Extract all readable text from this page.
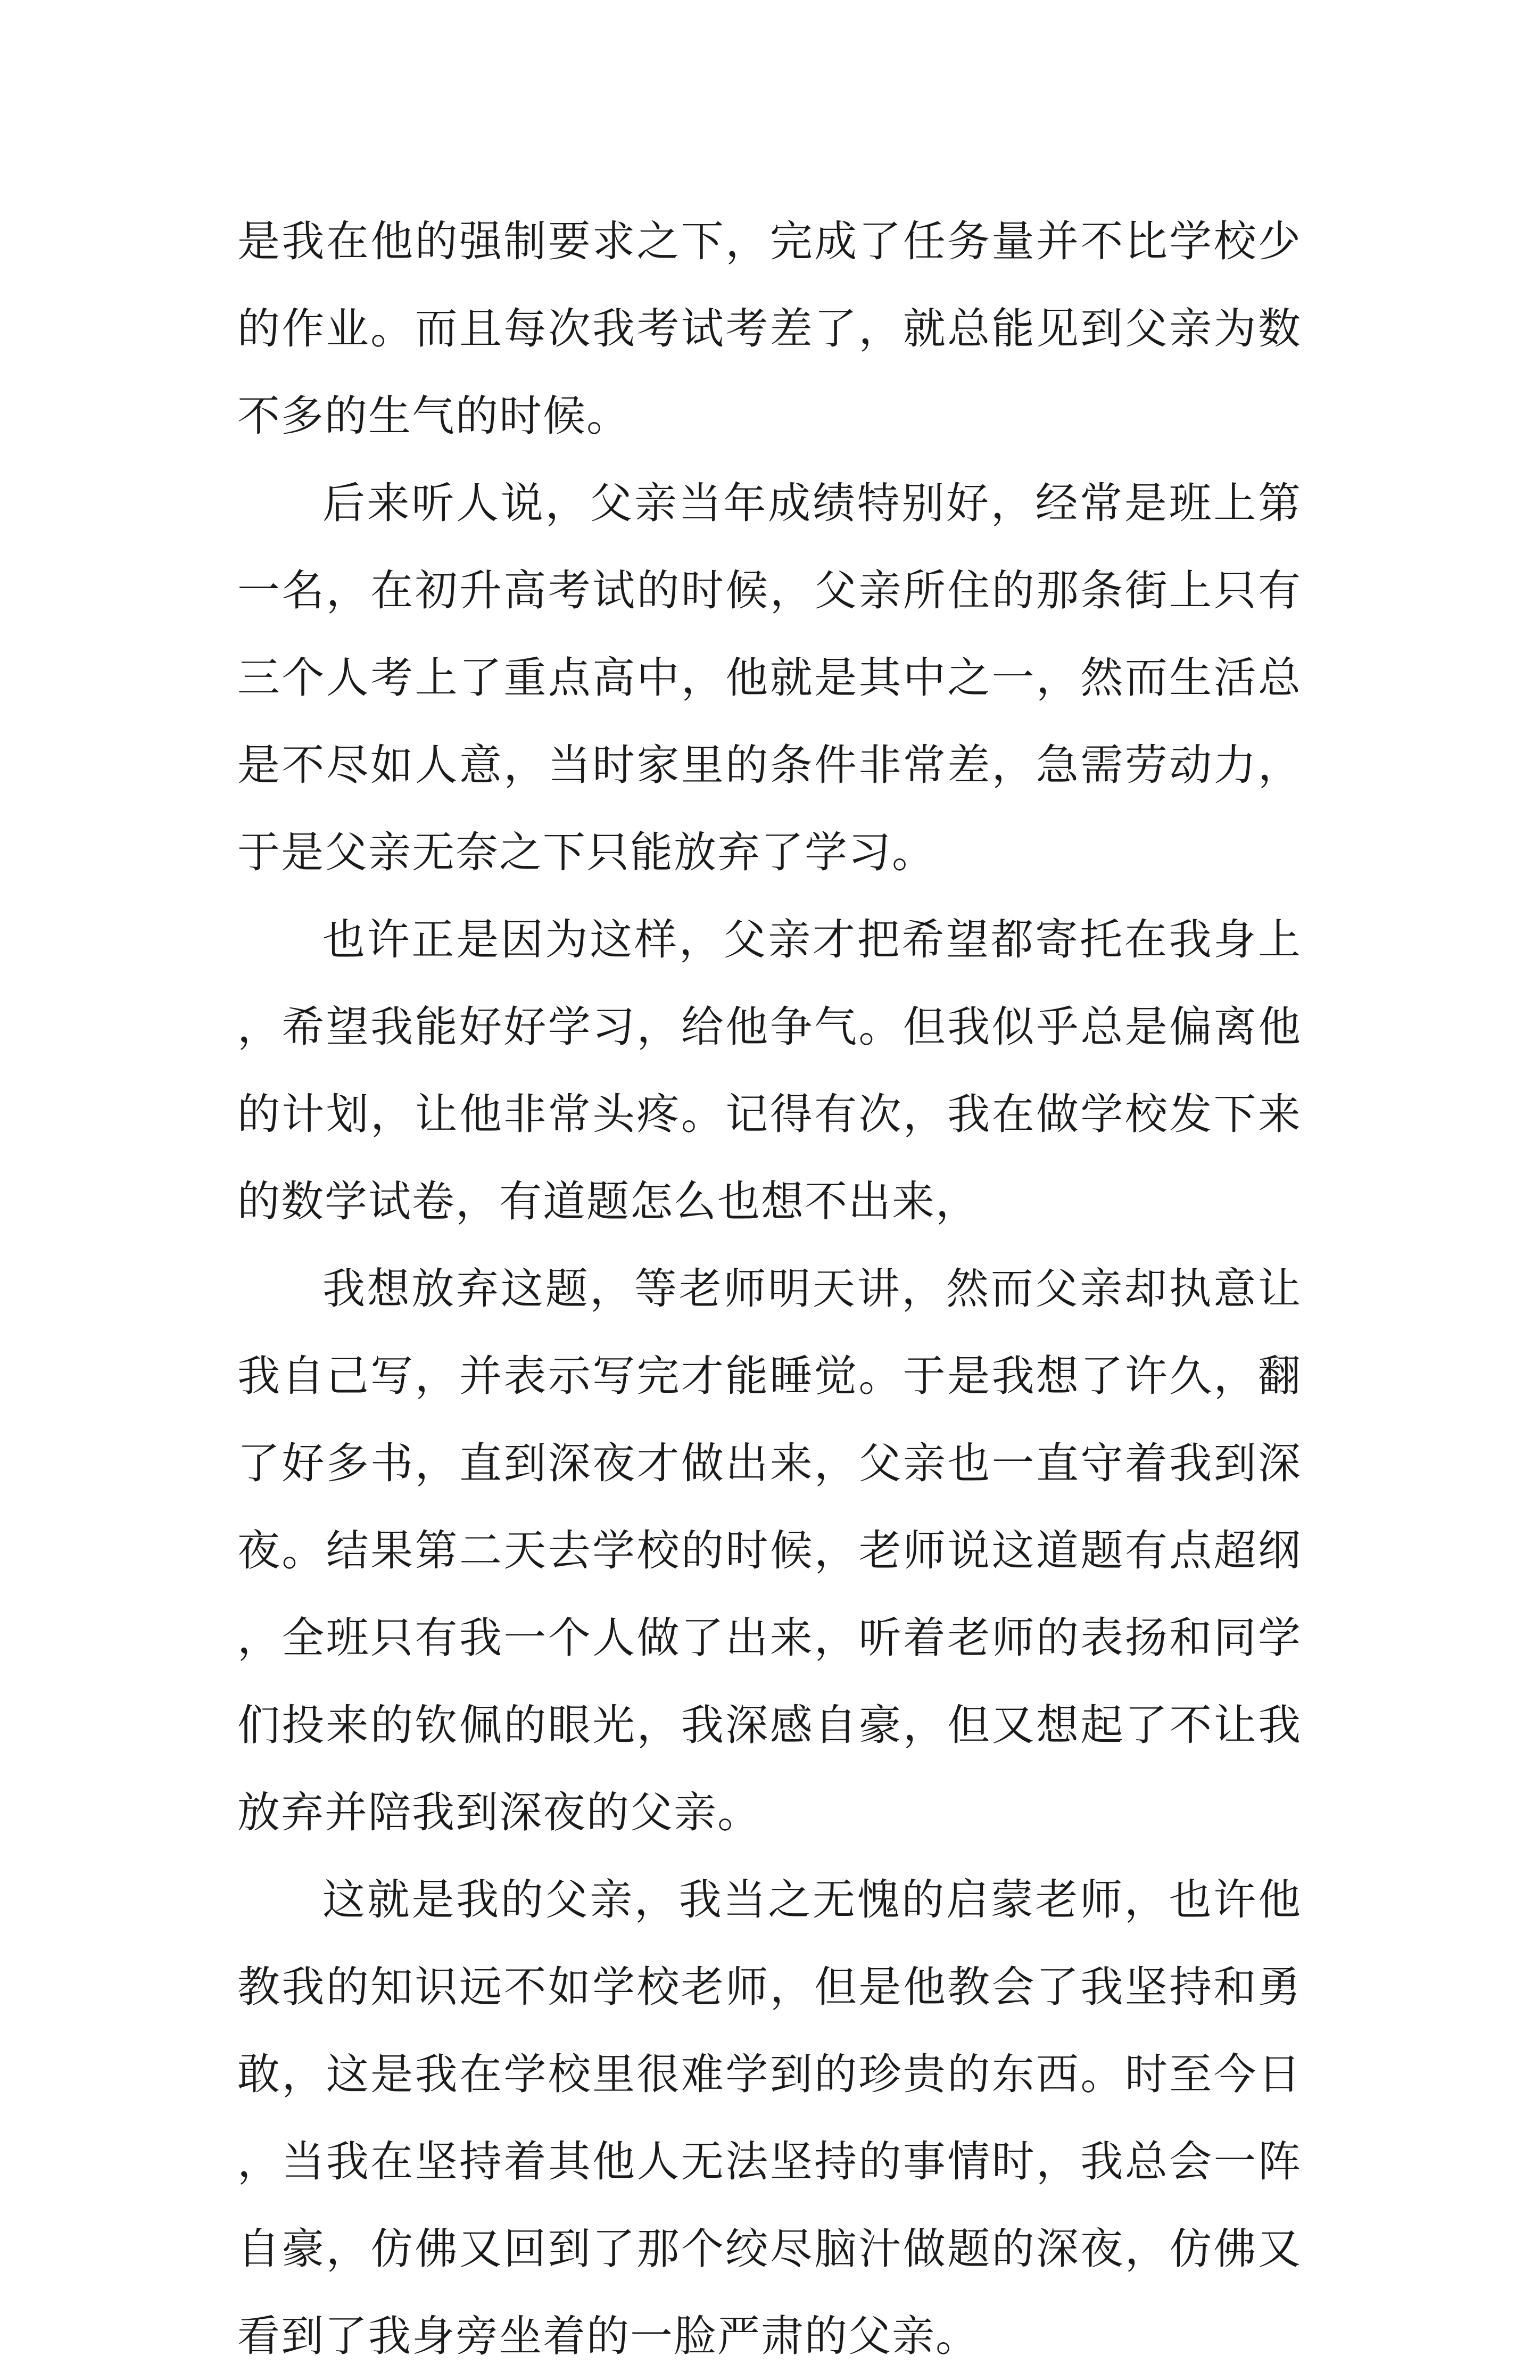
是我在他的强制要求之下，完成了任务量并不比学校少的作业。而且每次我考试考差了，就总能见到父亲为数不多的生气的时候。

后来听人说，父亲当年成绩特别好，经常是班上第一名，在初升高考试的时候，父亲所住的那条街上只有三个人考上了重点高中，他就是其中之一，然而生活总是不尽如人意，当时家里的条件非常差，急需劳动力，于是父亲无奈之下只能放弃了学习。

也许正是因为这样，父亲才把希望都寄托在我身上，希望我能好好学习，给他争气。但我似乎总是偏离他的计划，让他非常头疼。记得有次，我在做学校发下来的数学试卷，有道题怎么也想不出来，

我想放弃这题，等老师明天讲，然而父亲却执意让我自己写，并表示写完才能睡觉。于是我想了许久，翻了好多书，直到深夜才做出来，父亲也一直守着我到深夜。结果第二天去学校的时候，老师说这道题有点超纲，全班只有我一个人做了出来，听着老师的表扬和同学们投来的钦佩的眼光，我深感自豪，但又想起了不让我放弃并陪我到深夜的父亲。

这就是我的父亲，我当之无愧的启蒙老师，也许他教我的知识远不如学校老师，但是他教会了我坚持和勇敢，这是我在学校里很难学到的珍贵的东西。时至今日，当我在坚持着其他人无法坚持的事情时，我总会一阵自豪，仿佛又回到了那个绞尽脑汁做题的深夜，仿佛又看到了我身旁坐着的一脸严肃的父亲。
